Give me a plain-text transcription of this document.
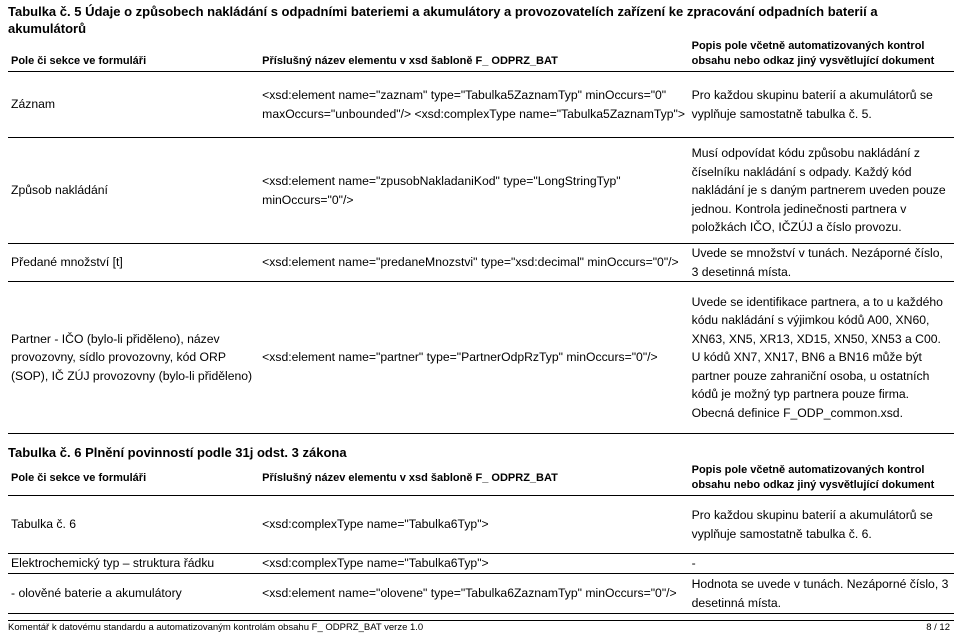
Tabulka č. 5 Údaje o způsobech nakládání s odpadními bateriemi a akumulátory a provozovatelích zařízení ke zpracování odpadních baterií a akumulátorů
Pole či sekce ve formuláři	Příslušný název elementu v xsd šabloně F_ ODPRZ_BAT	Popis pole včetně automatizovaných kontrol obsahu nebo odkaz jiný vysvětlující dokument
Záznam	<xsd:element name="zaznam" type="Tabulka5ZaznamTyp" minOccurs="0" maxOccurs="unbounded"/> <xsd:complexType name="Tabulka5ZaznamTyp">	Pro každou skupinu baterií a akumulátorů se vyplňuje samostatně tabulka č. 5.
Způsob nakládání	<xsd:element name="zpusobNakladaniKod" type="LongStringTyp" minOccurs="0"/>	Musí odpovídat kódu způsobu nakládání z číselníku nakládání s odpady. Každý kód nakládání je s daným partnerem uveden pouze jednou. Kontrola jedinečnosti partnera v položkách IČO, IČZÚJ a číslo provozu.
Předané množství [t]	<xsd:element name="predaneMnozstvi" type="xsd:decimal" minOccurs="0"/>	Uvede se množství v tunách. Nezáporné číslo, 3 desetinná místa.
Partner - IČO (bylo-li přiděleno), název provozovny, sídlo provozovny, kód ORP (SOP), IČ ZÚJ provozovny (bylo-li přiděleno)	<xsd:element name="partner" type="PartnerOdpRzTyp" minOccurs="0"/>	Uvede se identifikace partnera, a to u každého kódu nakládání s výjimkou kódů A00, XN60, XN63, XN5, XR13, XD15, XN50, XN53 a C00. U kódů XN7, XN17, BN6 a BN16 může být partner pouze zahraniční osoba, u ostatních kódů je možný typ partnera pouze firma. Obecná definice F_ODP_common.xsd.
Tabulka č. 6 Plnění povinností podle 31j odst. 3 zákona
Pole či sekce ve formuláři	Příslušný název elementu v xsd šabloně F_ ODPRZ_BAT	Popis pole včetně automatizovaných kontrol obsahu nebo odkaz jiný vysvětlující dokument
Tabulka č. 6	<xsd:complexType name="Tabulka6Typ">	Pro každou skupinu baterií a akumulátorů se vyplňuje samostatně tabulka č. 6.
Elektrochemický typ – struktura řádku	<xsd:complexType name="Tabulka6Typ">	-
- olověné baterie a akumulátory	<xsd:element name="olovene" type="Tabulka6ZaznamTyp" minOccurs="0"/>	Hodnota se uvede v tunách. Nezáporné číslo, 3 desetinná místa.
Komentář k datovému standardu a automatizovaným kontrolám obsahu F_ ODPRZ_BAT verze 1.0	8 / 12
